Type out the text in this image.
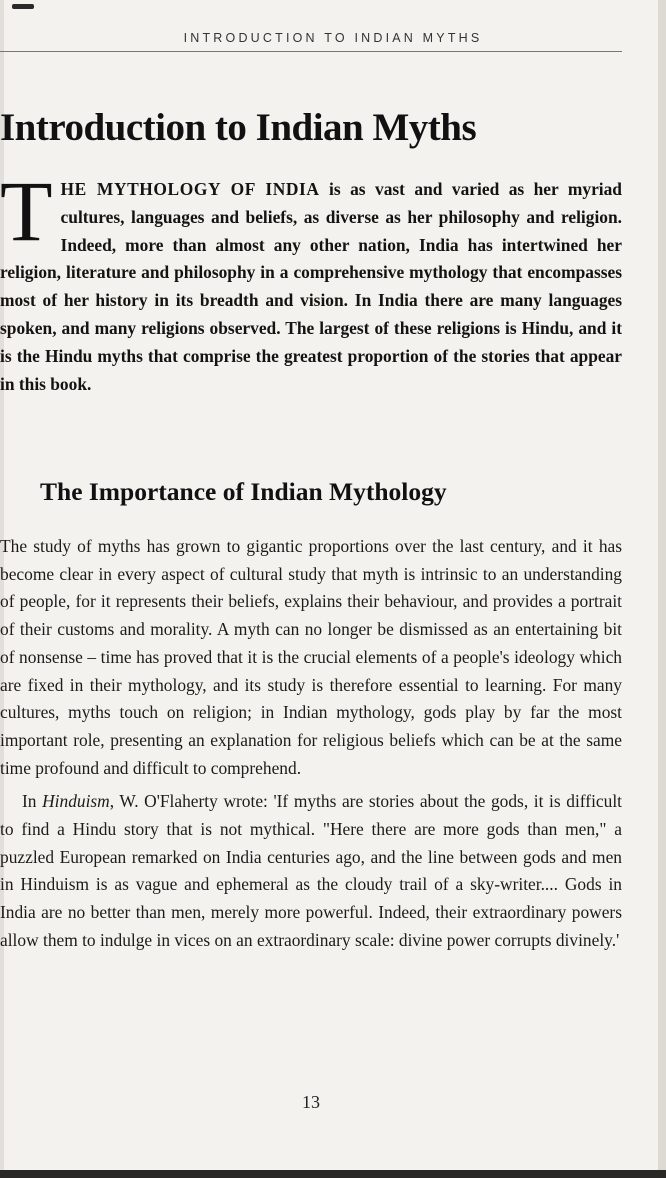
INTRODUCTION TO INDIAN MYTHS
Introduction to Indian Myths

THE MYTHOLOGY OF INDIA is as vast and varied as her myriad cultures, languages and beliefs, as diverse as her philosophy and religion. Indeed, more than almost any other nation, India has intertwined her religion, literature and philosophy in a comprehensive mythology that encompasses most of her history in its breadth and vision. In India there are many languages spoken, and many religions observed. The largest of these religions is Hindu, and it is the Hindu myths that comprise the greatest proportion of the stories that appear in this book.

The Importance of Indian Mythology

The study of myths has grown to gigantic proportions over the last century, and it has become clear in every aspect of cultural study that myth is intrinsic to an understanding of people, for it represents their beliefs, explains their behaviour, and provides a portrait of their customs and morality. A myth can no longer be dismissed as an entertaining bit of nonsense – time has proved that it is the crucial elements of a people's ideology which are fixed in their mythology, and its study is therefore essential to learning. For many cultures, myths touch on religion; in Indian mythology, gods play by far the most important role, presenting an explanation for religious beliefs which can be at the same time profound and difficult to comprehend.

In Hinduism, W. O'Flaherty wrote: 'If myths are stories about the gods, it is difficult to find a Hindu story that is not mythical. "Here there are more gods than men," a puzzled European remarked on India centuries ago, and the line between gods and men in Hinduism is as vague and ephemeral as the cloudy trail of a sky-writer.... Gods in India are no better than men, merely more powerful. Indeed, their extraordinary powers allow them to indulge in vices on an extraordinary scale: divine power corrupts divinely.'

13
